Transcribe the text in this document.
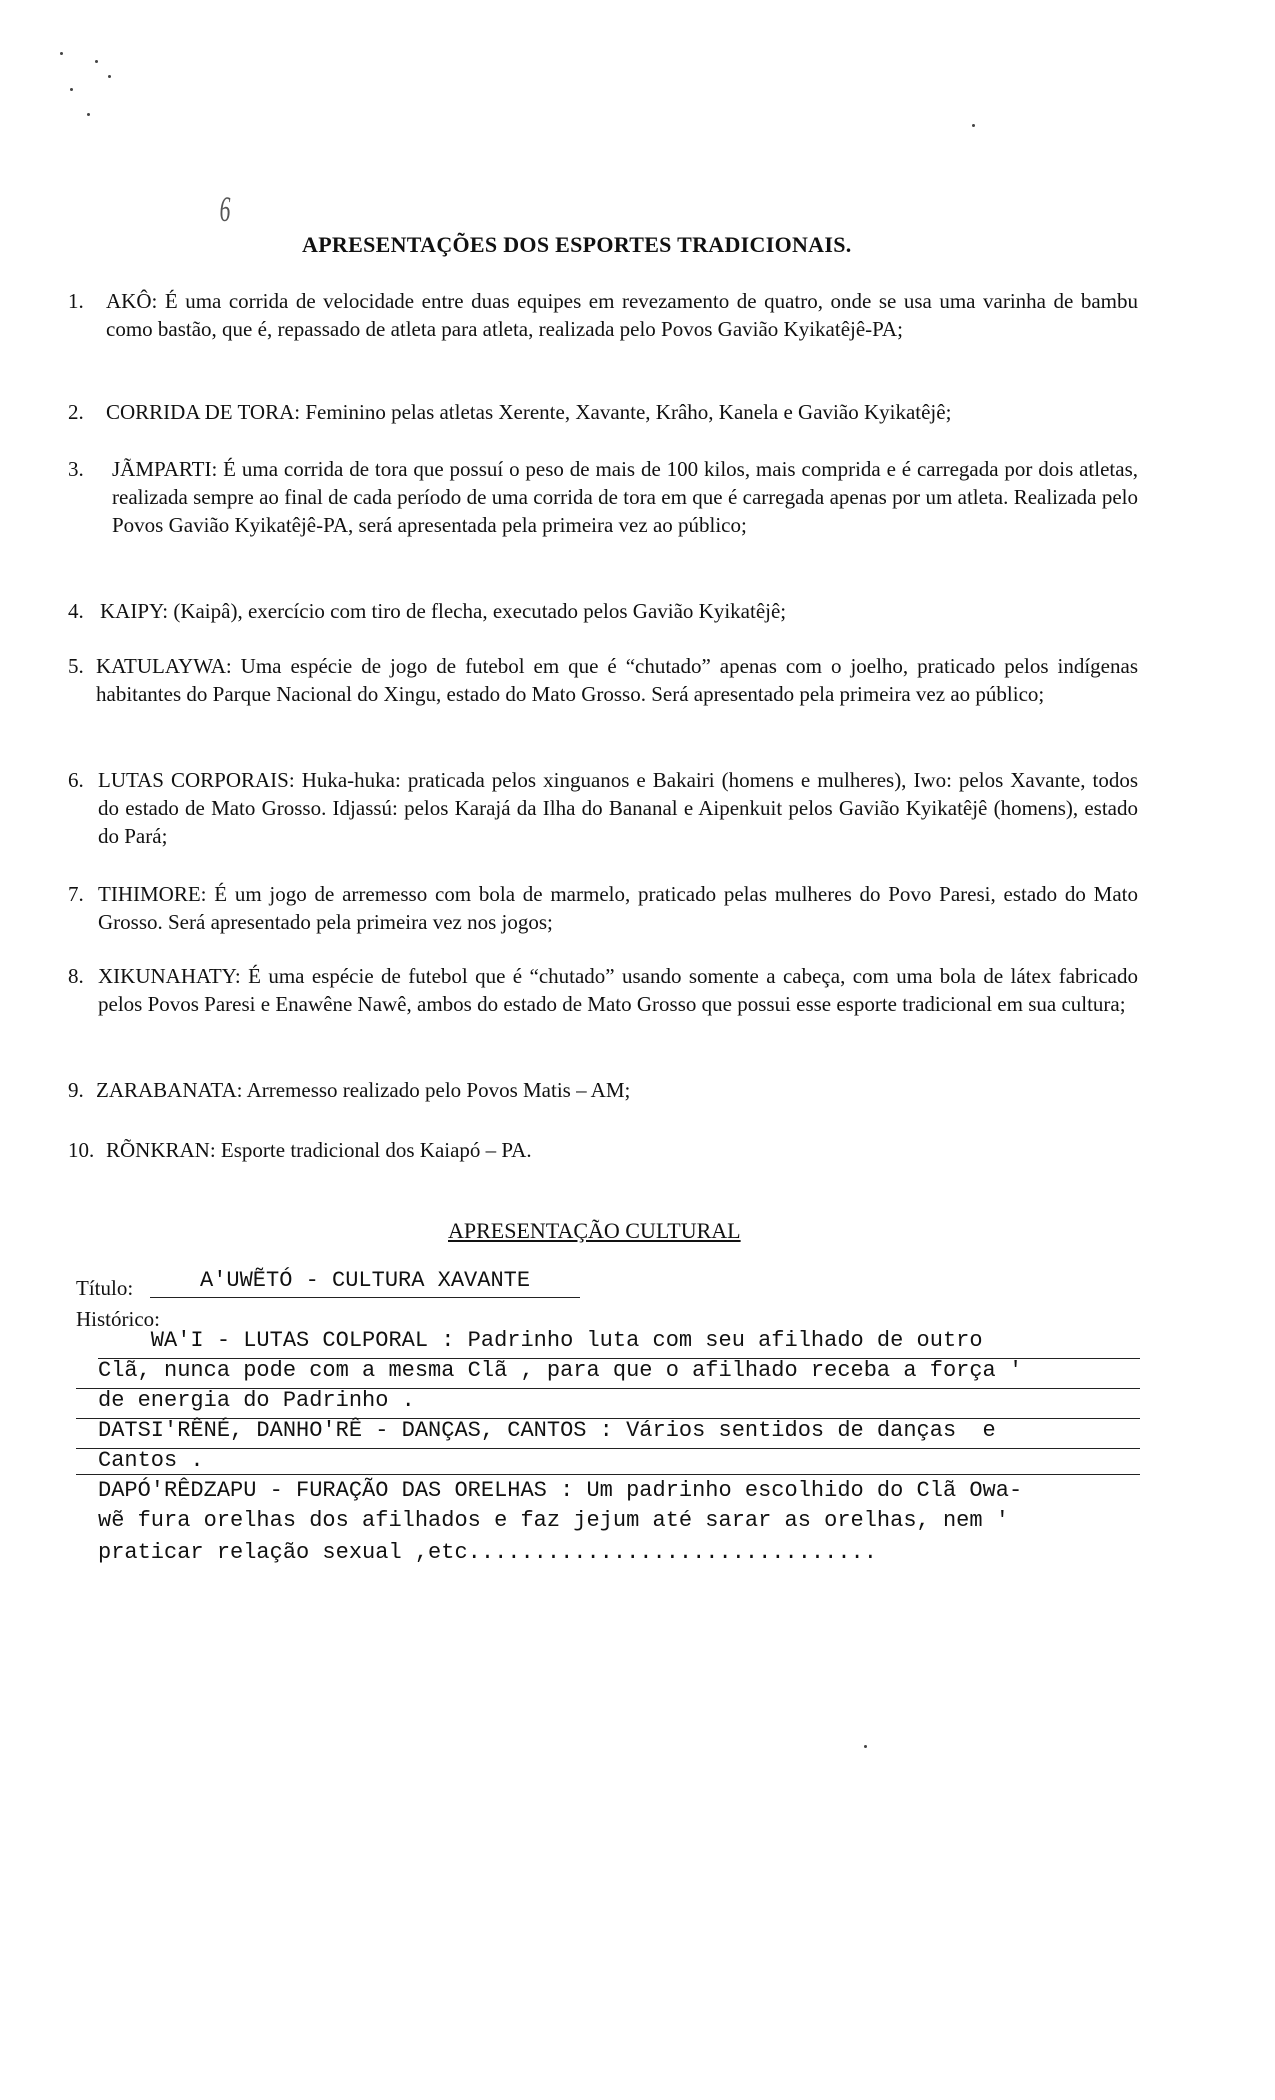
6
APRESENTAÇÕES DOS ESPORTES TRADICIONAIS.
1. AKÔ: É uma corrida de velocidade entre duas equipes em revezamento de quatro, onde se usa uma varinha de bambu como bastão, que é, repassado de atleta para atleta, realizada pelo Povos Gavião Kyikatêjê-PA;
2. CORRIDA DE TORA: Feminino pelas atletas Xerente, Xavante, Krâho, Kanela e Gavião Kyikatêjê;
3. JÃMPARTI: É uma corrida de tora que possuí o peso de mais de 100 kilos, mais comprida e é carregada por dois atletas, realizada sempre ao final de cada período de uma corrida de tora em que é carregada apenas por um atleta. Realizada pelo Povos Gavião Kyikatêjê-PA, será apresentada pela primeira vez ao público;
4. KAIPY: (Kaipâ), exercício com tiro de flecha, executado pelos Gavião Kyikatêjê;
5. KATULAYWA: Uma espécie de jogo de futebol em que é “chutado” apenas com o joelho, praticado pelos indígenas habitantes do Parque Nacional do Xingu, estado do Mato Grosso. Será apresentado pela primeira vez ao público;
6. LUTAS CORPORAIS: Huka-huka: praticada pelos xinguanos e Bakairi (homens e mulheres), Iwo: pelos Xavante, todos do estado de Mato Grosso. Idjassú: pelos Karajá da Ilha do Bananal e Aipenkuit pelos Gavião Kyikatêjê (homens), estado do Pará;
7. TIHIMORE: É um jogo de arremesso com bola de marmelo, praticado pelas mulheres do Povo Paresi, estado do Mato Grosso. Será apresentado pela primeira vez nos jogos;
8. XIKUNAHATY: É uma espécie de futebol que é “chutado” usando somente a cabeça, com uma bola de látex fabricado pelos Povos Paresi e Enawêne Nawê, ambos do estado de Mato Grosso que possui esse esporte tradicional em sua cultura;
9. ZARABANATA: Arremesso realizado pelo Povos Matis – AM;
10. RÕNKRAN: Esporte tradicional dos Kaiapó – PA.
APRESENTAÇÃO CULTURAL
Título:	A'UWẼTÓ - CULTURA XAVANTE
Histórico:
WA'I - LUTAS COLPORAL : Padrinho luta com seu afilhado de outro
Clã, nunca pode com a mesma Clã , para que o afilhado receba a força '
de energia do Padrinho .
DATSI'RÊNÉ, DANHO'RÊ - DANÇAS, CANTOS : Vários sentidos de danças  e
Cantos .
DAPÓ'RÊDZAPU - FURAÇÃO DAS ORELHAS : Um padrinho escolhido do Clã Owa-
wẽ fura orelhas dos afilhados e faz jejum até sarar as orelhas, nem '
praticar relação sexual ,etc...............................
